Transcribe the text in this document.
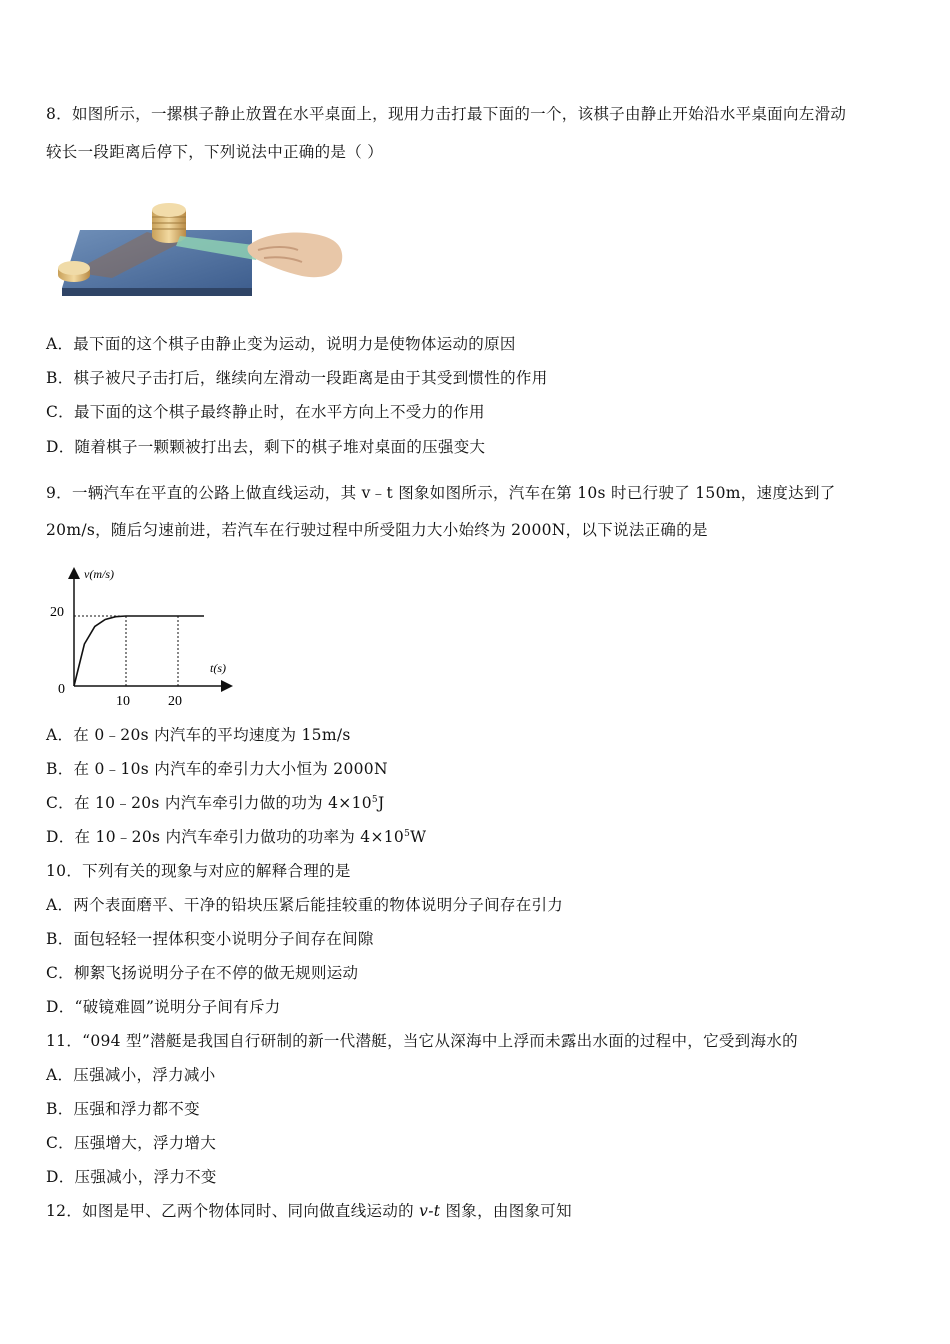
8．如图所示，一摞棋子静止放置在水平桌面上，现用力击打最下面的一个，该棋子由静止开始沿水平桌面向左滑动
较长一段距离后停下，下列说法中正确的是（ ）
A．最下面的这个棋子由静止变为运动，说明力是使物体运动的原因
B．棋子被尺子击打后，继续向左滑动一段距离是由于其受到惯性的作用
C．最下面的这个棋子最终静止时，在水平方向上不受力的作用
D．随着棋子一颗颗被打出去，剩下的棋子堆对桌面的压强变大
9．一辆汽车在平直的公路上做直线运动，其 v﹣t 图象如图所示，汽车在第 10s 时已行驶了 150m，速度达到了
20m/s，随后匀速前进，若汽车在行驶过程中所受阻力大小始终为 2000N，以下说法正确的是
v(m/s)
t(s)
0
20
10	20
A．在 0﹣20s 内汽车的平均速度为 15m/s
B．在 0﹣10s 内汽车的牵引力大小恒为 2000N
C．在 10﹣20s 内汽车牵引力做的功为 $4\times 10^5J$
D．在 10﹣20s 内汽车牵引力做功的功率为 $4\times 10^5W$
10．下列有关的现象与对应的解释合理的是
A．两个表面磨平、干净的铅块压紧后能挂较重的物体说明分子间存在引力
B．面包轻轻一捏体积变小说明分子间存在间隙
C．柳絮飞扬说明分子在不停的做无规则运动
D．“破镜难圆”说明分子间有斥力
11．“094 型”潜艇是我国自行研制的新一代潜艇，当它从深海中上浮而未露出水面的过程中，它受到海水的
A．压强减小，浮力减小
B．压强和浮力都不变
C．压强增大，浮力增大
D．压强减小，浮力不变
12．如图是甲、乙两个物体同时、同向做直线运动的 v-t 图象，由图象可知
